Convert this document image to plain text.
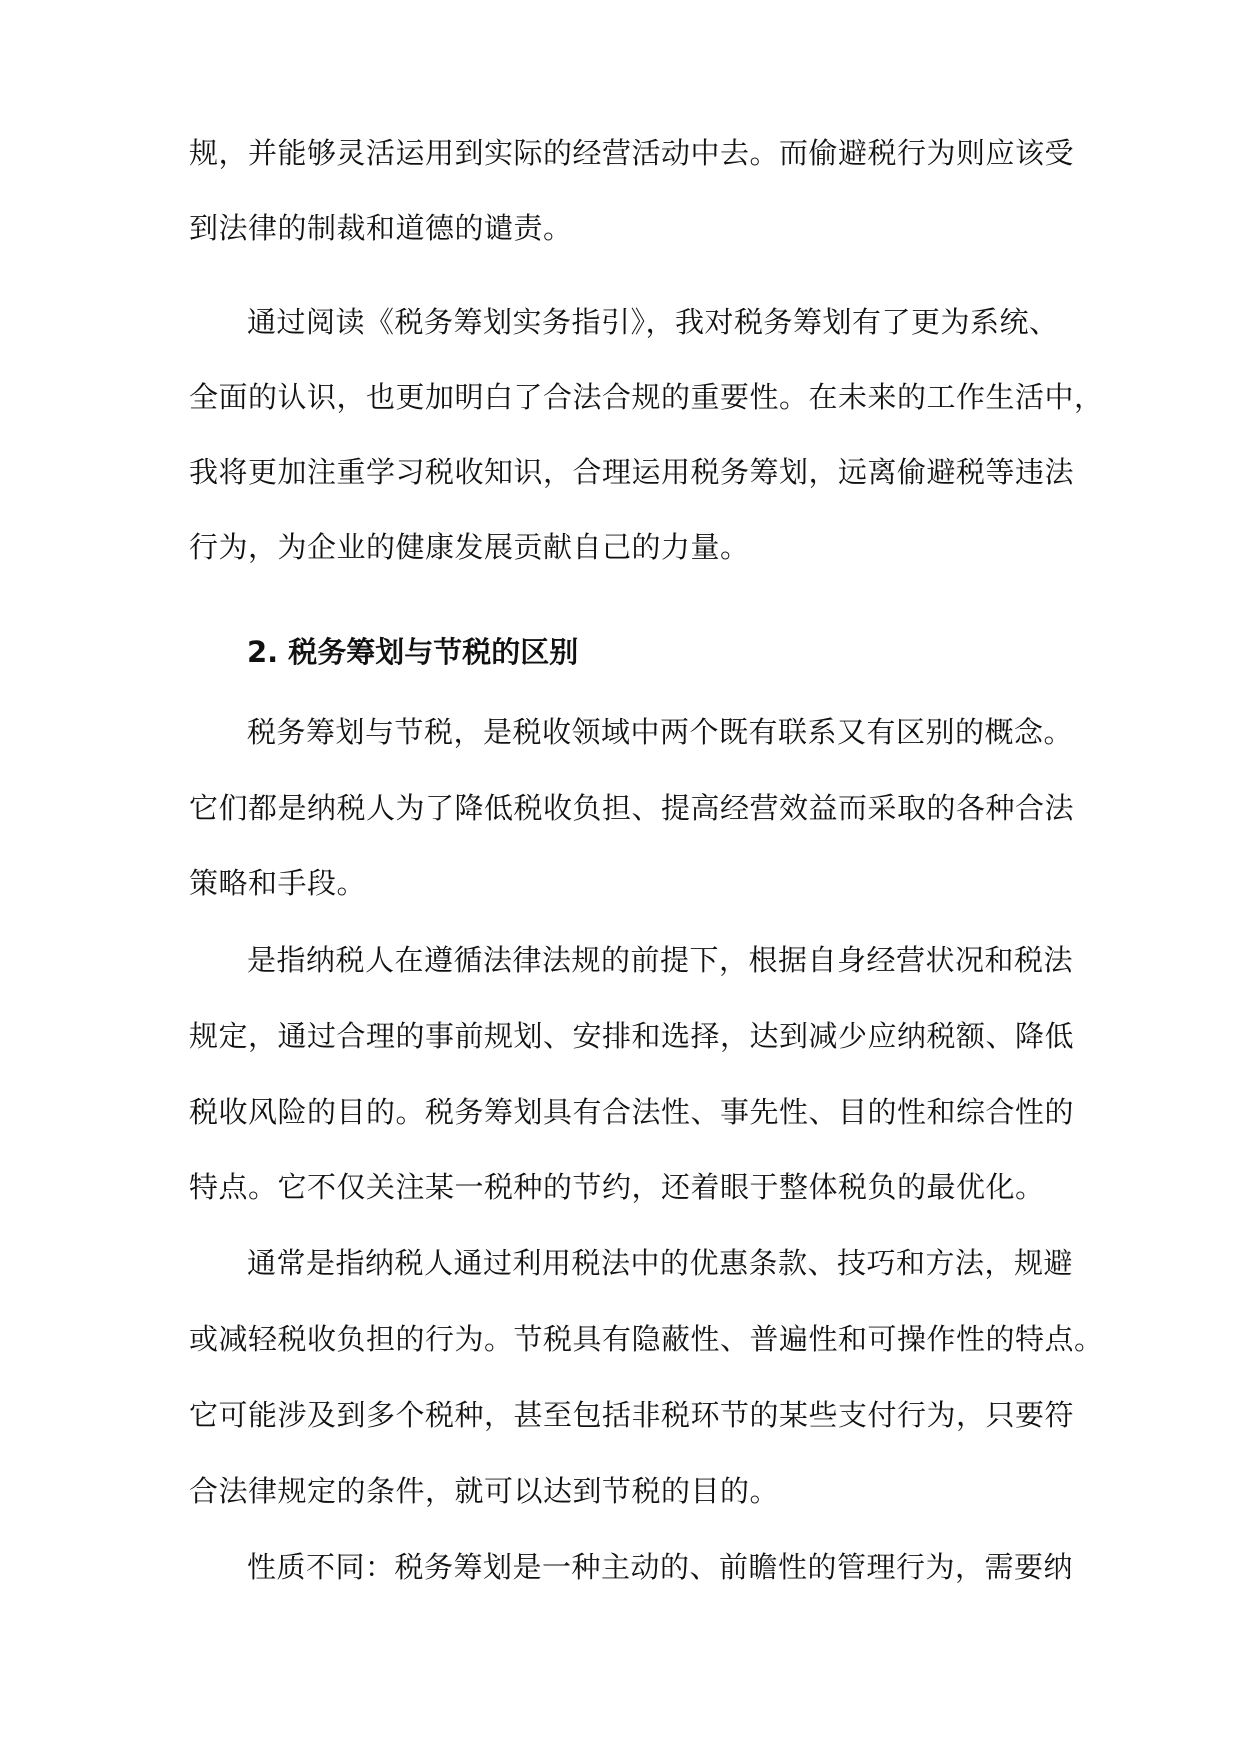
规，并能够灵活运用到实际的经营活动中去。而偷避税行为则应该受
到法律的制裁和道德的谴责。
通过阅读《税务筹划实务指引》，我对税务筹划有了更为系统、
全面的认识，也更加明白了合法合规的重要性。在未来的工作生活中，
我将更加注重学习税收知识，合理运用税务筹划，远离偷避税等违法
行为，为企业的健康发展贡献自己的力量。
2. 税务筹划与节税的区别
税务筹划与节税，是税收领域中两个既有联系又有区别的概念。
它们都是纳税人为了降低税收负担、提高经营效益而采取的各种合法
策略和手段。
是指纳税人在遵循法律法规的前提下，根据自身经营状况和税法
规定，通过合理的事前规划、安排和选择，达到减少应纳税额、降低
税收风险的目的。税务筹划具有合法性、事先性、目的性和综合性的
特点。它不仅关注某一税种的节约，还着眼于整体税负的最优化。
通常是指纳税人通过利用税法中的优惠条款、技巧和方法，规避
或减轻税收负担的行为。节税具有隐蔽性、普遍性和可操作性的特点。
它可能涉及到多个税种，甚至包括非税环节的某些支付行为，只要符
合法律规定的条件，就可以达到节税的目的。
性质不同：税务筹划是一种主动的、前瞻性的管理行为，需要纳
